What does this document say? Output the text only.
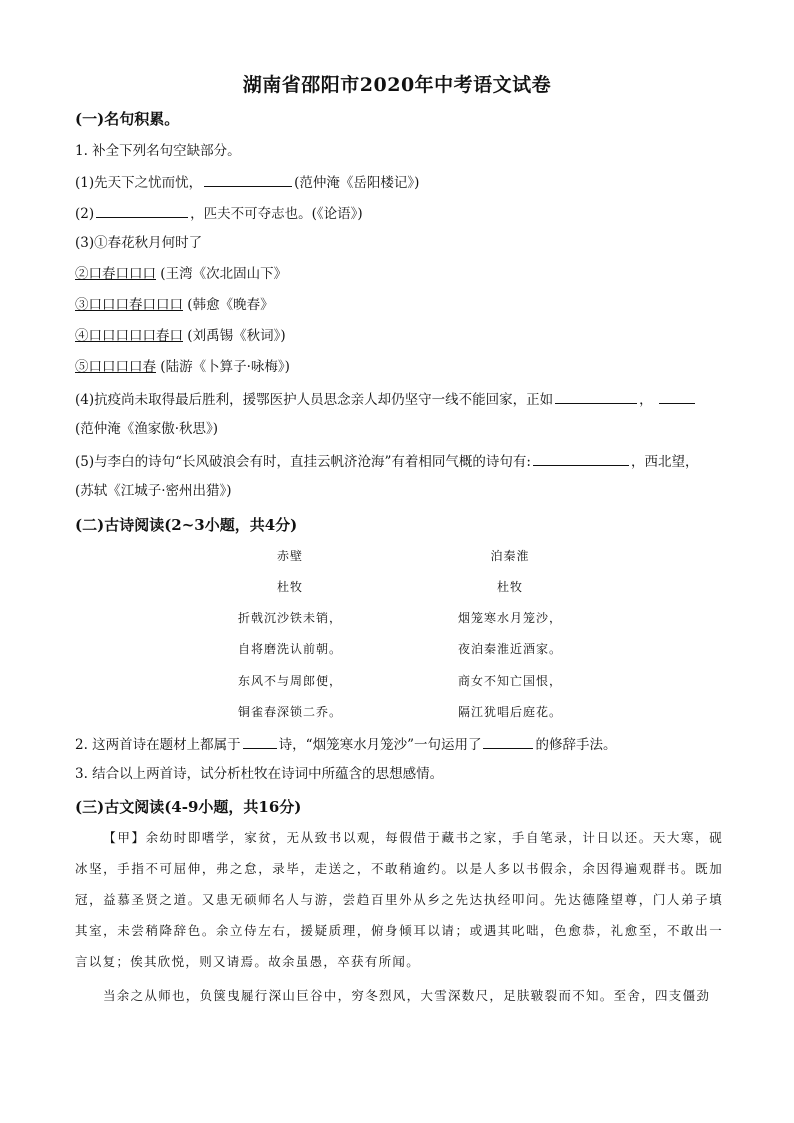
湖南省邵阳市2020年中考语文试卷
(一)名句积累。
1. 补全下列名句空缺部分。
(1)先天下之忧而忧，	(范仲淹《岳阳楼记》)
(2)	，匹夫不可夺志也。(《论语》)
(3)①春花秋月何时了
②口春口口口 (王湾《次北固山下》
③口口口春口口口 (韩愈《晚春》
④口口口口口春口 (刘禹锡《秋词》)
⑤口口口口春 (陆游《卜算子·咏梅》)
(4)抗疫尚未取得最后胜利，援鄂医护人员思念亲人却仍坚守一线不能回家，正如	，
(范仲淹《渔家傲·秋思》)
(5)与李白的诗句“长风破浪会有时，直挂云帆济沧海”有着相同气概的诗句有:	，西北望，
(苏轼《江城子·密州出猎》)
(二)古诗阅读(2~3小题，共4分)
赤壁
杜牧
折戟沉沙铁未销，
自将磨洗认前朝。
东风不与周郎便，
铜雀春深锁二乔。
泊秦淮
杜牧
烟笼寒水月笼沙，
夜泊秦淮近酒家。
商女不知亡国恨，
隔江犹唱后庭花。
2. 这两首诗在题材上都属于	诗，“烟笼寒水月笼沙”一句运用了	的修辞手法。
3. 结合以上两首诗，试分析杜牧在诗词中所蕴含的思想感情。
(三)古文阅读(4-9小题，共16分)
【甲】余幼时即嗜学，家贫，无从致书以观，每假借于藏书之家，手自笔录，计日以还。天大寒，砚冰坚，手指不可屈伸，弗之怠，录毕，走送之，不敢稍逾约。以是人多以书假余，余因得遍观群书。既加冠，益慕圣贤之道。又患无硕师名人与游，尝趋百里外从乡之先达执经叩问。先达德隆望尊，门人弟子填其室，未尝稍降辞色。余立侍左右，援疑质理，俯身倾耳以请；或遇其叱咄，色愈恭，礼愈至，不敢出一言以复；俟其欣悦，则又请焉。故余虽愚，卒获有所闻。
当余之从师也，负箧曳屣行深山巨谷中，穷冬烈风，大雪深数尺，足肤皲裂而不知。至舍，四支僵劲
